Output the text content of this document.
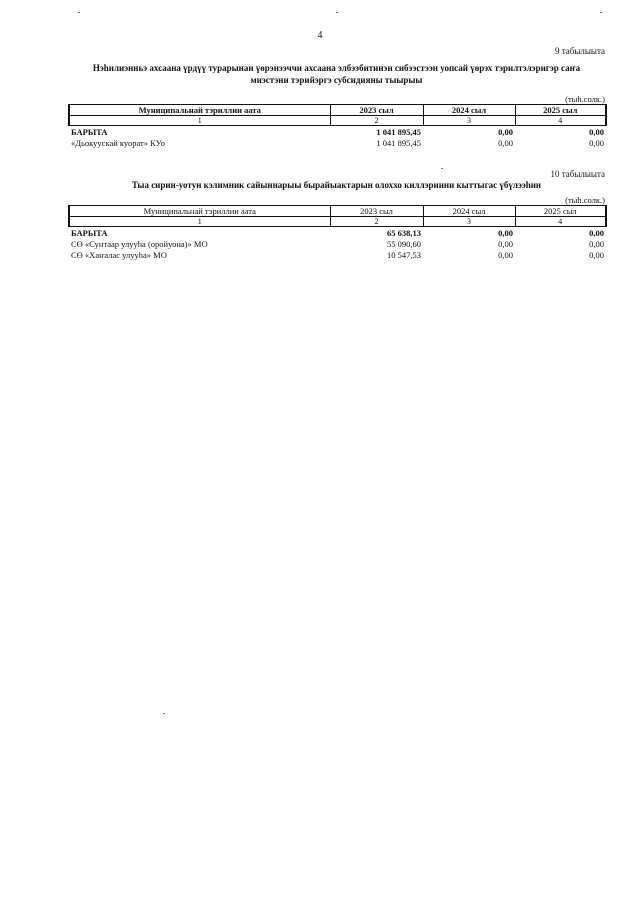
4
9 табылыыта
Нэһилиэнньэ ахсаана үрдүү турарынан үөрэнээччи ахсаана элбээбитинэн сибээстээн уопсай үөрэх тэрилтэлэригэр саҥа
миэстэни тэрийэргэ субсидияны тыырыы
(тыһ.солк.)
Муниципальнай тэриллии аата	2023 сыл	2024 сыл	2025 сыл
1	2	3	4
БАРЫТА	1 041 895,45	0,00	0,00
«Дьокуускай куорат» КУо	1 041 895,45	0,00	0,00
10 табылыыта
Тыа сирин-уотун кэлимник сайыннарыы бырайыактарын олоххо киллэриини кыттыгас үбүлээһин
(тыһ.солк.)
Муниципальнай тэриллии аата	2023 сыл	2024 сыл	2025 сыл
1	2	3	4
БАРЫТА	65 638,13	0,00	0,00
СӨ «Сунтаар улууһа (оройуона)» МО	55 090,60	0,00	0,00
СӨ «Хаҥалас улууһа» МО	10 547,53	0,00	0,00
